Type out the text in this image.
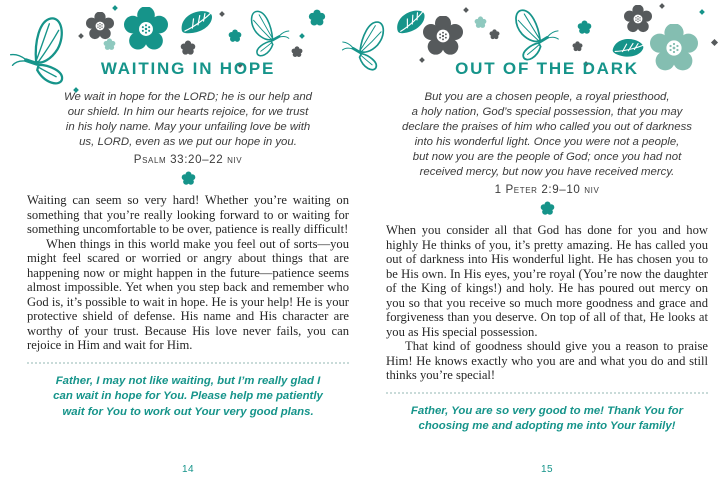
WAITING IN HOPE
We wait in hope for the LORD; he is our help and
our shield. In him our hearts rejoice, for we trust
in his holy name. May your unfailing love be with
us, LORD, even as we put our hope in you.
Psalm 33:20–22 niv
Waiting can seem so very hard! Whether you’re waiting on something that you’re really looking forward to or waiting for something uncomfortable to be over, patience is really difficult!
When things in this world make you feel out of sorts—you might feel scared or worried or angry about things that are happening now or might happen in the future—patience seems almost impossible. Yet when you step back and remember who God is, it’s possible to wait in hope. He is your help! He is your protective shield of defense. His name and His character are worthy of your trust. Because His love never fails, you can rejoice in Him and wait for Him.
Father, I may not like waiting, but I’m really glad I
can wait in hope for You. Please help me patiently
wait for You to work out Your very good plans.
14
OUT OF THE DARK
But you are a chosen people, a royal priesthood,
a holy nation, God’s special possession, that you may
declare the praises of him who called you out of darkness
into his wonderful light. Once you were not a people,
but now you are the people of God; once you had not
received mercy, but now you have received mercy.
1 Peter 2:9–10 niv
When you consider all that God has done for you and how highly He thinks of you, it’s pretty amazing. He has called you out of darkness into His wonderful light. He has chosen you to be His own. In His eyes, you’re royal (You’re now the daughter of the King of kings!) and holy. He has poured out mercy on you so that you receive so much more goodness and grace and forgiveness than you deserve. On top of all of that, He looks at you as His special possession.
That kind of goodness should give you a reason to praise Him! He knows exactly who you are and what you do and still thinks you’re special!
Father, You are so very good to me! Thank You for
choosing me and adopting me into Your family!
15
